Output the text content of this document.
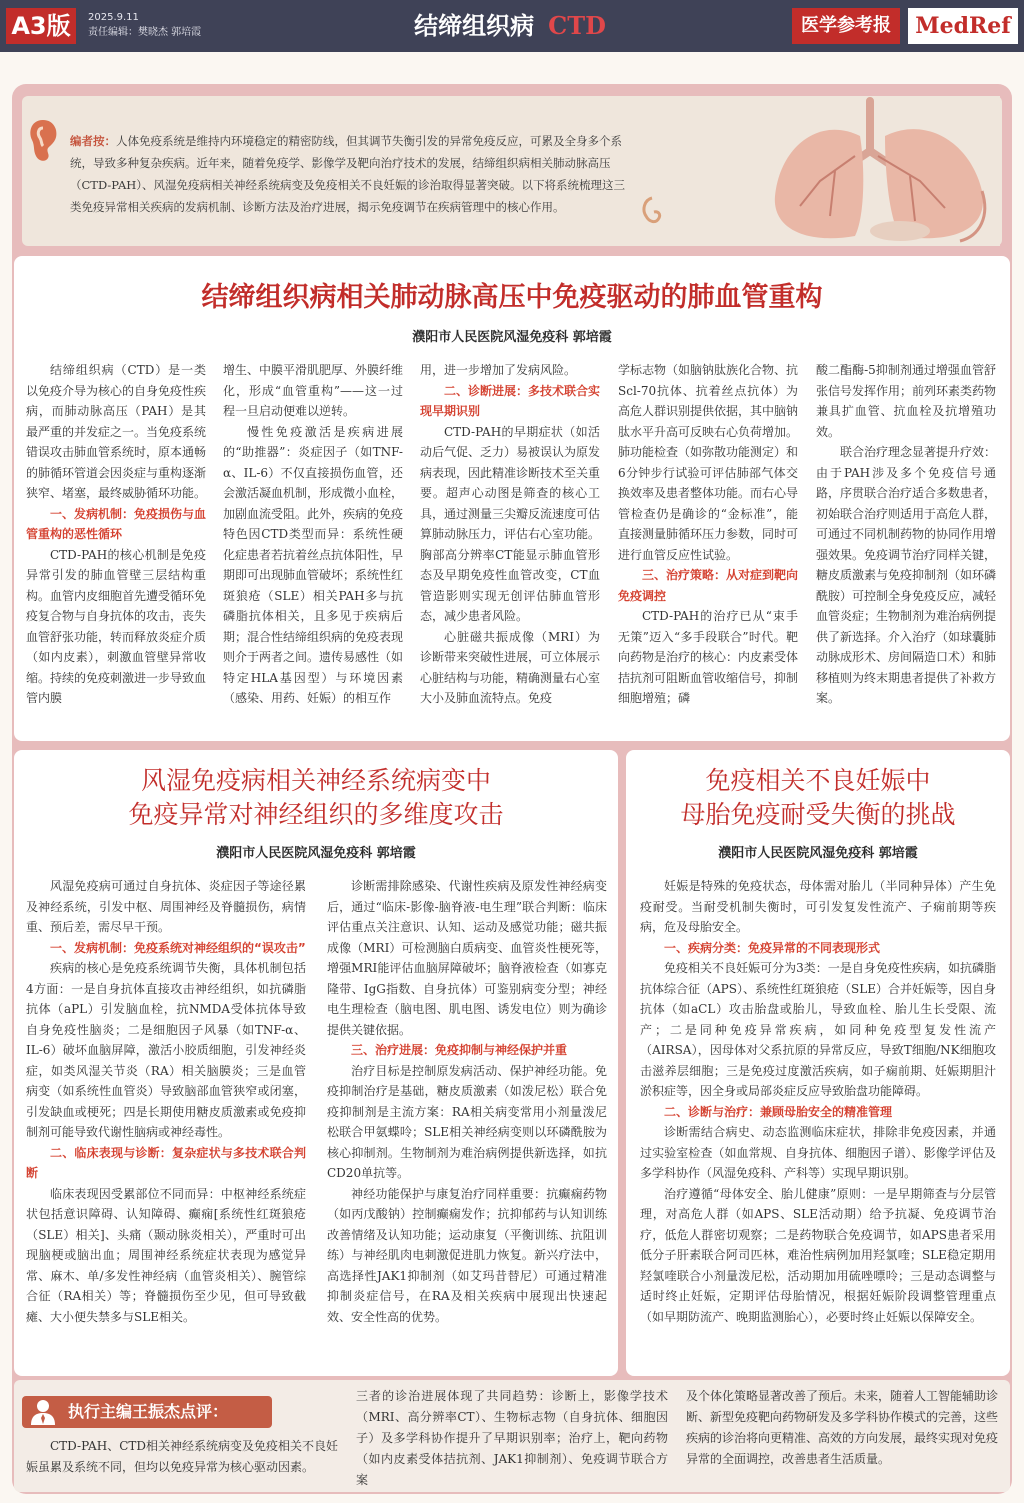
A3版	2025.9.11
责任编辑：樊晓杰 郭培霞	结缔组织病 CTD	医学参考报	MedRef
编者按：人体免疫系统是维持内环境稳定的精密防线，但其调节失衡引发的异常免疫反应，可累及全身多个系统，导致多种复杂疾病。近年来，随着免疫学、影像学及靶向治疗技术的发展，结缔组织病相关肺动脉高压（CTD-PAH）、风湿免疫病相关神经系统病变及免疫相关不良妊娠的诊治取得显著突破。以下将系统梳理这三类免疫异常相关疾病的发病机制、诊断方法及治疗进展，揭示免疫调节在疾病管理中的核心作用。
结缔组织病相关肺动脉高压中免疫驱动的肺血管重构
濮阳市人民医院风湿免疫科 郭培霞

结缔组织病（CTD）是一类以免疫介导为核心的自身免疫性疾病，而肺动脉高压（PAH）是其最严重的并发症之一。当免疫系统错误攻击肺血管系统时，原本通畅的肺循环管道会因炎症与重构逐渐狭窄、堵塞，最终威胁循环功能。

一、发病机制：免疫损伤与血管重构的恶性循环

CTD-PAH的核心机制是免疫异常引发的肺血管壁三层结构重构。血管内皮细胞首先遭受循环免疫复合物与自身抗体的攻击，丧失血管舒张功能，转而释放炎症介质（如内皮素），刺激血管壁异常收缩。持续的免疫刺激进一步导致血管内膜

增生、中膜平滑肌肥厚、外膜纤维化，形成“血管重构”——这一过程一旦启动便难以逆转。

慢性免疫激活是疾病进展的“助推器”：炎症因子（如TNF-α、IL-6）不仅直接损伤血管，还会激活凝血机制，形成微小血栓，加剧血流受阻。此外，疾病的免疫特色因CTD类型而异：系统性硬化症患者若抗着丝点抗体阳性，早期即可出现肺血管破坏；系统性红斑狼疮（SLE）相关PAH多与抗磷脂抗体相关，且多见于疾病后期；混合性结缔组织病的免疫表现则介于两者之间。遗传易感性（如特定HLA基因型）与环境因素（感染、用药、妊娠）的相互作

用，进一步增加了发病风险。

二、诊断进展：多技术联合实现早期识别

CTD-PAH的早期症状（如活动后气促、乏力）易被误认为原发病表现，因此精准诊断技术至关重要。超声心动图是筛查的核心工具，通过测量三尖瓣反流速度可估算肺动脉压力，评估右心室功能。胸部高分辨率CT能显示肺血管形态及早期免疫性血管改变，CT血管造影则实现无创评估肺血管形态，减少患者风险。

心脏磁共振成像（MRI）为诊断带来突破性进展，可立体展示心脏结构与功能，精确测量右心室大小及肺血流特点。免疫

学标志物（如脑钠肽族化合物、抗Scl-70抗体、抗着丝点抗体）为高危人群识别提供依据，其中脑钠肽水平升高可反映右心负荷增加。肺功能检查（如弥散功能测定）和6分钟步行试验可评估肺部气体交换效率及患者整体功能。而右心导管检查仍是确诊的“金标准”，能直接测量肺循环压力参数，同时可进行血管反应性试验。

三、治疗策略：从对症到靶向免疫调控

CTD-PAH的治疗已从“束手无策”迈入“多手段联合”时代。靶向药物是治疗的核心：内皮素受体拮抗剂可阻断血管收缩信号，抑制细胞增殖；磷

酸二酯酶-5抑制剂通过增强血管舒张信号发挥作用；前列环素类药物兼具扩血管、抗血栓及抗增殖功效。

联合治疗理念显著提升疗效：由于PAH涉及多个免疫信号通路，序贯联合治疗适合多数患者，初始联合治疗则适用于高危人群，可通过不同机制药物的协同作用增强效果。免疫调节治疗同样关键，糖皮质激素与免疫抑制剂（如环磷酰胺）可控制全身免疫反应，减轻血管炎症；生物制剂为难治病例提供了新选择。介入治疗（如球囊肺动脉成形术、房间隔造口术）和肺移植则为终末期患者提供了补救方案。

风湿免疫病相关神经系统病变中
免疫异常对神经组织的多维度攻击
濮阳市人民医院风湿免疫科 郭培霞

风湿免疫病可通过自身抗体、炎症因子等途径累及神经系统，引发中枢、周围神经及脊髓损伤，病情重、预后差，需尽早干预。

一、发病机制：免疫系统对神经组织的“误攻击”

疾病的核心是免疫系统调节失衡，具体机制包括4方面：一是自身抗体直接攻击神经组织，如抗磷脂抗体（aPL）引发脑血栓，抗NMDA受体抗体导致自身免疫性脑炎；二是细胞因子风暴（如TNF-α、IL-6）破坏血脑屏障，激活小胶质细胞，引发神经炎症，如类风湿关节炎（RA）相关脑膜炎；三是血管病变（如系统性血管炎）导致脑部血管狭窄或闭塞，引发缺血或梗死；四是长期使用糖皮质激素或免疫抑制剂可能导致代谢性脑病或神经毒性。

二、临床表现与诊断：复杂症状与多技术联合判断

临床表现因受累部位不同而异：中枢神经系统症状包括意识障碍、认知障碍、癫痫[系统性红斑狼疮（SLE）相关]、头痛（颞动脉炎相关），严重时可出现脑梗或脑出血；周围神经系统症状表现为感觉异常、麻木、单/多发性神经病（血管炎相关）、腕管综合征（RA相关）等；脊髓损伤至少见，但可导致截瘫、大小便失禁多与SLE相关。

诊断需排除感染、代谢性疾病及原发性神经病变后，通过“临床-影像-脑脊液-电生理”联合判断：临床评估重点关注意识、认知、运动及感觉功能；磁共振成像（MRI）可检测脑白质病变、血管炎性梗死等，增强MRI能评估血脑屏障破坏；脑脊液检查（如寡克隆带、IgG指数、自身抗体）可鉴别病变分型；神经电生理检查（脑电图、肌电图、诱发电位）则为确诊提供关键依据。

三、治疗进展：免疫抑制与神经保护并重

治疗目标是控制原发病活动、保护神经功能。免疫抑制治疗是基础，糖皮质激素（如泼尼松）联合免疫抑制剂是主流方案：RA相关病变常用小剂量泼尼松联合甲氨蝶呤；SLE相关神经病变则以环磷酰胺为核心抑制剂。生物制剂为难治病例提供新选择，如抗CD20单抗等。

神经功能保护与康复治疗同样重要：抗癫痫药物（如丙戊酸钠）控制癫痫发作；抗抑郁药与认知训练改善情绪及认知功能；运动康复（平衡训练、抗阻训练）与神经肌肉电刺激促进肌力恢复。新兴疗法中，高选择性JAK1抑制剂（如艾玛昔替尼）可通过精准抑制炎症信号，在RA及相关疾病中展现出快速起效、安全性高的优势。

免疫相关不良妊娠中
母胎免疫耐受失衡的挑战
濮阳市人民医院风湿免疫科 郭培霞

妊娠是特殊的免疫状态，母体需对胎儿（半同种异体）产生免疫耐受。当耐受机制失衡时，可引发复发性流产、子痫前期等疾病，危及母胎安全。

一、疾病分类：免疫异常的不同表现形式

免疫相关不良妊娠可分为3类：一是自身免疫性疾病，如抗磷脂抗体综合征（APS）、系统性红斑狼疮（SLE）合并妊娠等，因自身抗体（如aCL）攻击胎盘或胎儿，导致血栓、胎儿生长受限、流产；二是同种免疫异常疾病，如同种免疫型复发性流产（AIRSA），因母体对父系抗原的异常反应，导致T细胞/NK细胞攻击滋养层细胞；三是免疫过度激活疾病，如子痫前期、妊娠期胆汁淤积症等，因全身或局部炎症反应导致胎盘功能障碍。

二、诊断与治疗：兼顾母胎安全的精准管理

诊断需结合病史、动态监测临床症状，排除非免疫因素，并通过实验室检查（如血常规、自身抗体、细胞因子谱）、影像学评估及多学科协作（风湿免疫科、产科等）实现早期识别。

治疗遵循“母体安全、胎儿健康”原则：一是早期筛查与分层管理，对高危人群（如APS、SLE活动期）给予抗凝、免疫调节治疗，低危人群密切观察；二是药物联合免疫调节，如APS患者采用低分子肝素联合阿司匹林，难治性病例加用羟氯喹；SLE稳定期用羟氯喹联合小剂量泼尼松，活动期加用硫唑嘌呤；三是动态调整与适时终止妊娠，定期评估母胎情况，根据妊娠阶段调整管理重点（如早期防流产、晚期监测胎心），必要时终止妊娠以保障安全。

执行主编王振杰点评：
CTD-PAH、CTD相关神经系统病变及免疫相关不良妊娠虽累及系统不同，但均以免疫异常为核心驱动因素。
三者的诊治进展体现了共同趋势：诊断上，影像学技术（MRI、高分辨率CT）、生物标志物（自身抗体、细胞因子）及多学科协作提升了早期识别率；治疗上，靶向药物（如内皮素受体拮抗剂、JAK1抑制剂）、免疫调节联合方案
及个体化策略显著改善了预后。未来，随着人工智能辅助诊断、新型免疫靶向药物研发及多学科协作模式的完善，这些疾病的诊治将向更精准、高效的方向发展，最终实现对免疫异常的全面调控，改善患者生活质量。
